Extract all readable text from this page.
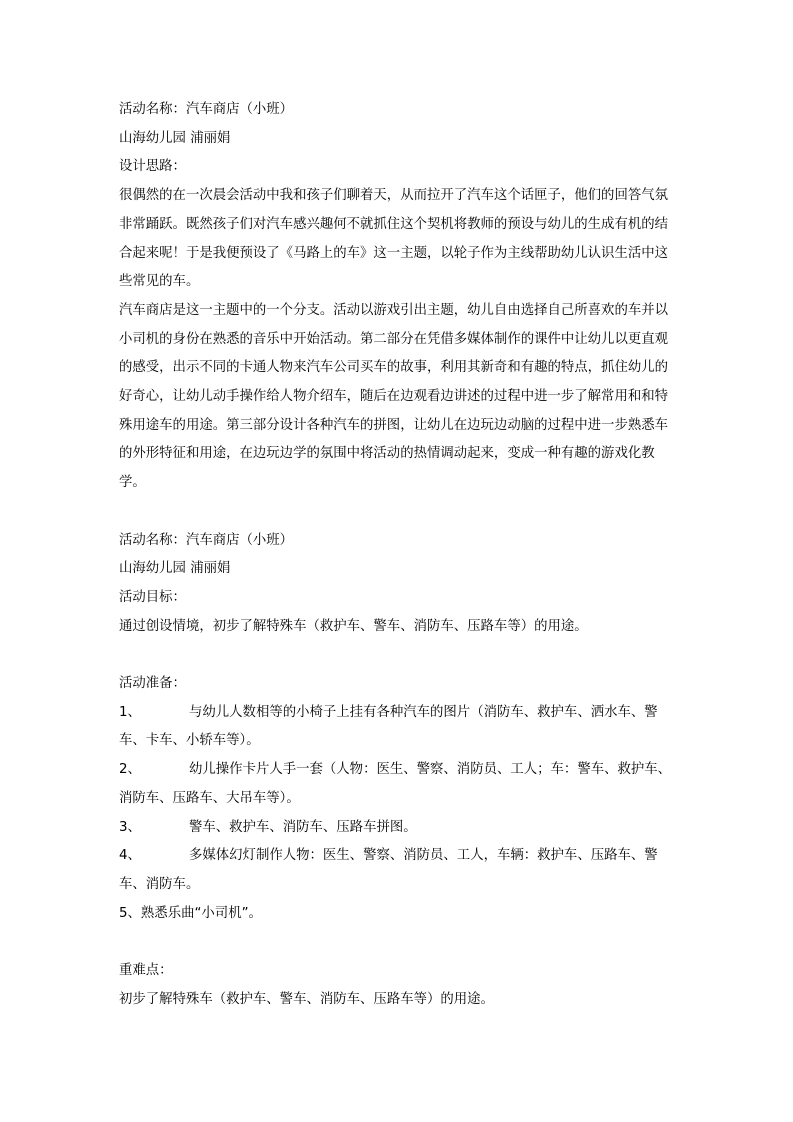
活动名称：汽车商店（小班）

山海幼儿园 浦丽娟

设计思路：

很偶然的在一次晨会活动中我和孩子们聊着天，从而拉开了汽车这个话匣子，他们的回答气氛非常踊跃。既然孩子们对汽车感兴趣何不就抓住这个契机将教师的预设与幼儿的生成有机的结合起来呢！于是我便预设了《马路上的车》这一主题，以轮子作为主线帮助幼儿认识生活中这些常见的车。

汽车商店是这一主题中的一个分支。活动以游戏引出主题，幼儿自由选择自己所喜欢的车并以小司机的身份在熟悉的音乐中开始活动。第二部分在凭借多媒体制作的课件中让幼儿以更直观的感受，出示不同的卡通人物来汽车公司买车的故事，利用其新奇和有趣的特点，抓住幼儿的好奇心，让幼儿动手操作给人物介绍车，随后在边观看边讲述的过程中进一步了解常用和和特殊用途车的用途。第三部分设计各种汽车的拼图，让幼儿在边玩边动脑的过程中进一步熟悉车的外形特征和用途，在边玩边学的氛围中将活动的热情调动起来，变成一种有趣的游戏化教学。

活动名称：汽车商店（小班）

山海幼儿园 浦丽娟

活动目标：

通过创设情境，初步了解特殊车（救护车、警车、消防车、压路车等）的用途。

活动准备：

1、	与幼儿人数相等的小椅子上挂有各种汽车的图片（消防车、救护车、洒水车、警车、卡车、小轿车等）。

2、	幼儿操作卡片人手一套（人物：医生、警察、消防员、工人；车：警车、救护车、消防车、压路车、大吊车等）。

3、	警车、救护车、消防车、压路车拼图。

4、	多媒体幻灯制作人物：医生、警察、消防员、工人，车辆：救护车、压路车、警车、消防车。

5、熟悉乐曲“小司机”。

重难点：

初步了解特殊车（救护车、警车、消防车、压路车等）的用途。
